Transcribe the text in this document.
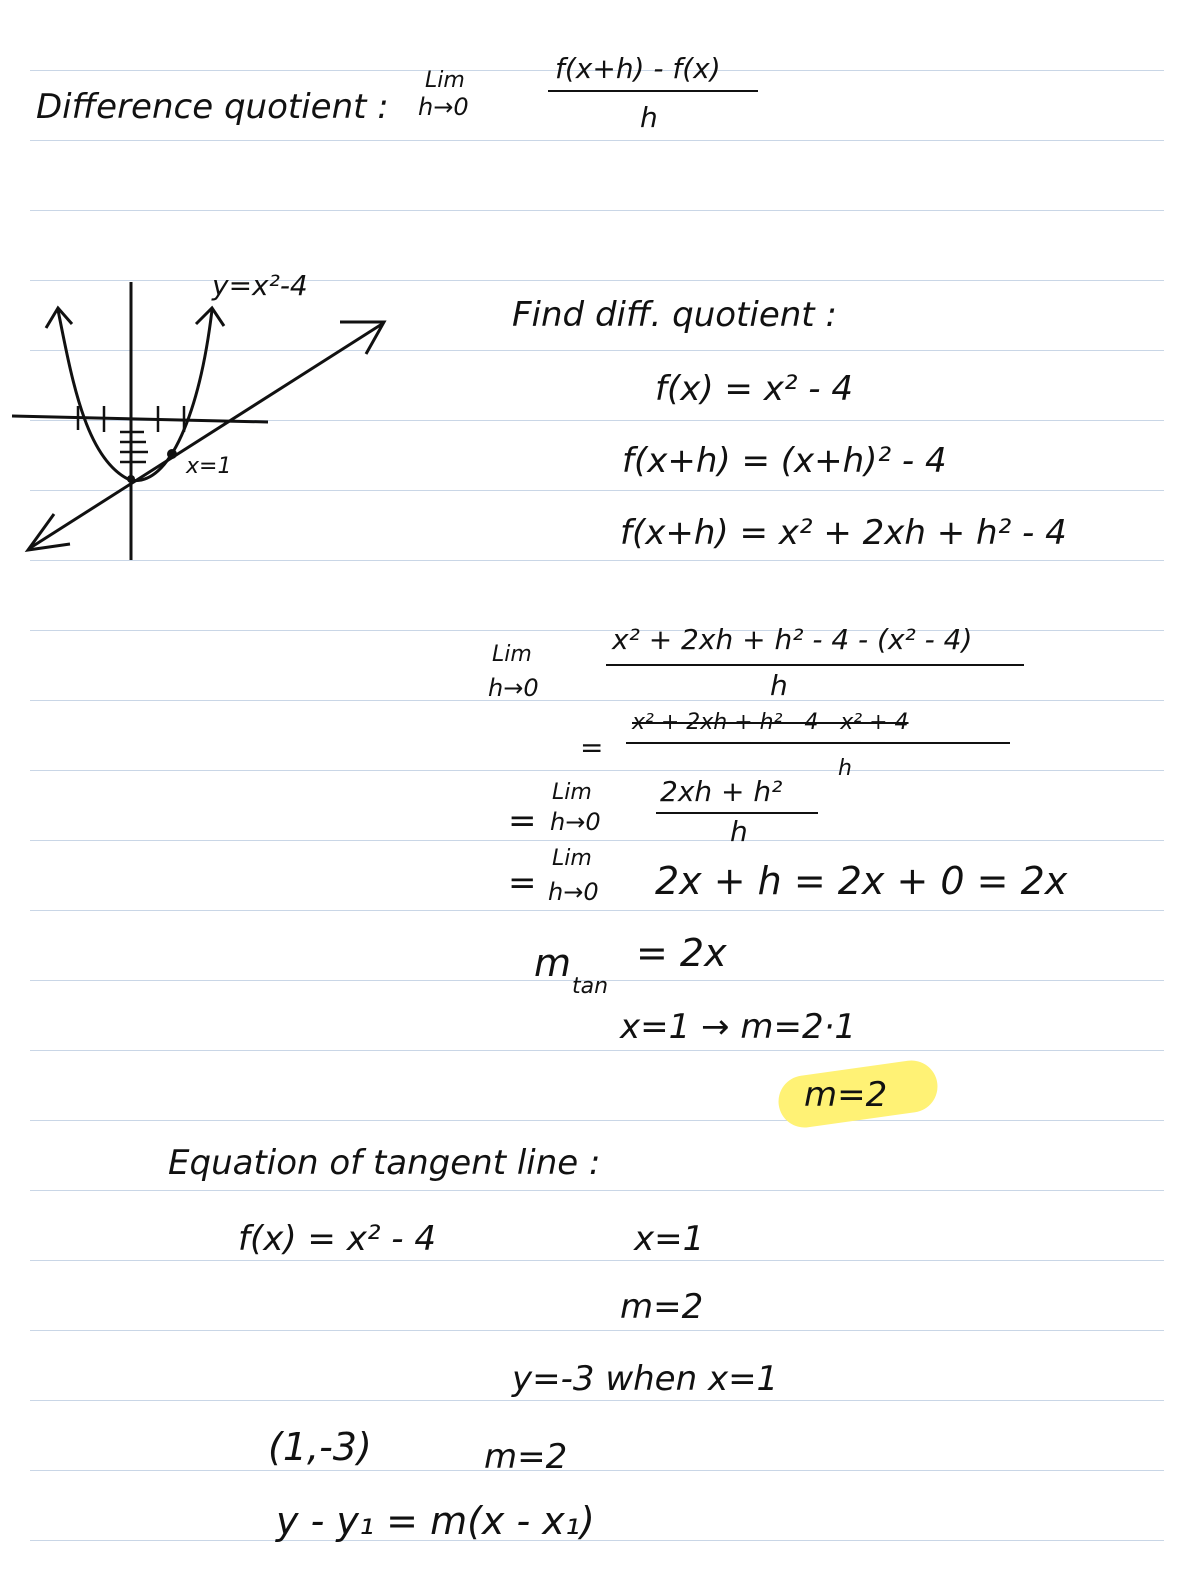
Difference quotient :
Lim
h→0
f(x+h) - f(x)
h
y=x²-4
x=1
Find diff. quotient :
f(x) = x² - 4
f(x+h) = (x+h)² - 4
f(x+h) = x² + 2xh + h² - 4
Lim
h→0
x² + 2xh + h² - 4 - (x² - 4)
h
=
x² + 2xh + h² - 4 - x² + 4
h
=
Lim
h→0
2xh + h²
h
=
Lim
h→0 2x + h = 2x + 0 = 2x
m
tan
= 2x
x=1 → m=2·1
m=2
Equation of tangent line :
f(x) = x² - 4	x=1
m=2
y=-3 when x=1
(1,-3)	m=2
y - y₁ = m(x - x₁)
